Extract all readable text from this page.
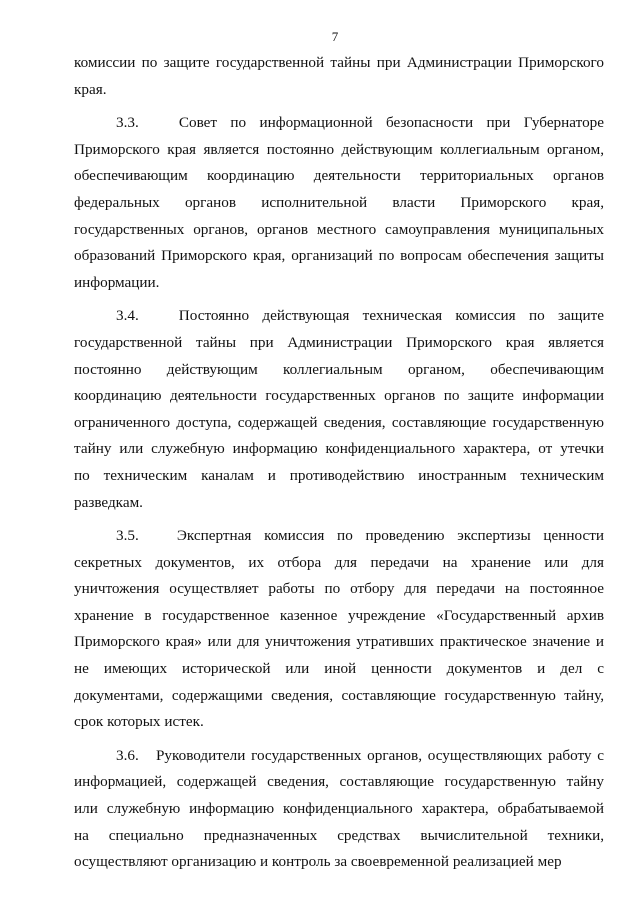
7
комиссии по защите государственной тайны при Администрации Приморского
края.
3.3.   Совет по информационной безопасности при Губернаторе
Приморского края является постоянно действующим коллегиальным органом,
обеспечивающим координацию деятельности территориальных органов
федеральных органов исполнительной власти Приморского края,
государственных органов, органов местного самоуправления муниципальных
образований Приморского края, организаций по вопросам обеспечения защиты
информации.
3.4.   Постоянно действующая техническая комиссия по защите
государственной тайны при Администрации Приморского края является
постоянно действующим коллегиальным органом, обеспечивающим
координацию деятельности государственных органов по защите информации
ограниченного доступа, содержащей сведения, составляющие государственную
тайну или служебную информацию конфиденциального характера, от утечки
по техническим каналам и противодействию иностранным техническим
разведкам.
3.5.   Экспертная комиссия по проведению экспертизы ценности
секретных документов, их отбора для передачи на хранение или для
уничтожения осуществляет работы по отбору для передачи на постоянное
хранение в государственное казенное учреждение «Государственный архив
Приморского края» или для уничтожения утративших практическое значение и
не имеющих исторической или иной ценности документов и дел с
документами, содержащими сведения, составляющие государственную тайну,
срок которых истек.
3.6.   Руководители государственных органов, осуществляющих работу с
информацией, содержащей сведения, составляющие государственную тайну
или служебную информацию конфиденциального характера, обрабатываемой
на специально предназначенных средствах вычислительной техники,
осуществляют организацию и контроль за своевременной реализацией мер
